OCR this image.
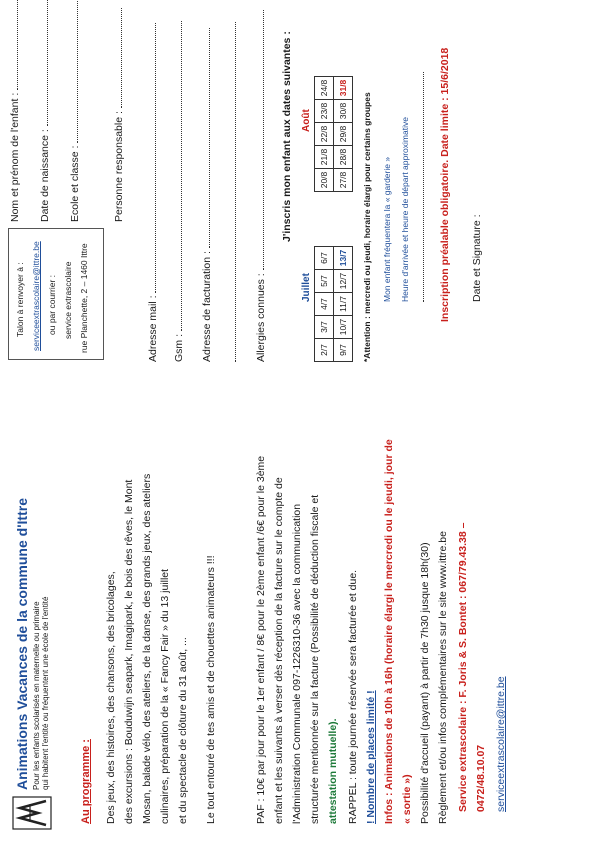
Animations Vacances de la commune d'Ittre Pour les enfants scolarisés en maternelle ou primaire qui habitent l'entité ou fréquentent une école de l'entité	Au programme : Des jeux, des histoires, des chansons, des bricolages, des excursions : Bouduwijn seapark, Imagipark, le bois des rêves, le Mont Mosan, balade vélo, des ateliers, de la danse, des grands jeux, des ateliers culinaires, préparation de la « Fancy Fair » du 13 juillet et du spectacle de clôture du 31 août, ... Le tout entouré de tes amis et de chouettes animateurs !!!	PAF : 10€ par jour pour le 1er enfant / 8€ pour le 2ème enfant /6€ pour le 3ème enfant et les suivants à verser dès réception de la facture sur le compte de l'Administration Communale 097-1226310-36 avec la communication structurée mentionnée sur la facture (Possibilité de déduction fiscale et attestation mutuelle). RAPPEL : toute journée réservée sera facturée et due. ! Nombre de places limité ! Infos : Animations de 10h à 16h (horaire élargi le mercredi ou le jeudi, jour de « sortie ») Possibilité d'accueil (payant) à partir de 7h30 jusque 18h(30) Règlement et/ou infos complémentaires sur le site www.ittre.be Service extrascolaire : F. Joris & S. Bontet : 067/79.43.38 – 0472/48.10.07 serviceextrascolaire@ittre.be
Talon à renvoyer à : serviceextrascolaire@ittre.be ou par courrier : service extrascolaire rue Planchette, 2 – 1460 Ittre
Nom et prénom de l'enfant : Date de naissance : Ecole et classe :	Personne responsable :
Adresse mail : Gsm : Adresse de facturation :	Allergies connues :
J'inscris mon enfant aux dates suivantes :
Juillet
Août
2/7	3/7	4/7	5/7	6/7
9/7	10/7	11/7	12/7	13/7
20/8	21/8	22/8	23/8	24/8
27/8	28/8	29/8	30/8	31/8
*Attention : mercredi ou jeudi, horaire élargi pour certains groupes Mon enfant fréquentera la « garderie » Heure d'arrivée et heure de départ approximative	Inscription préalable obligatoire. Date limite : 15/6/2018 Date et Signature :
